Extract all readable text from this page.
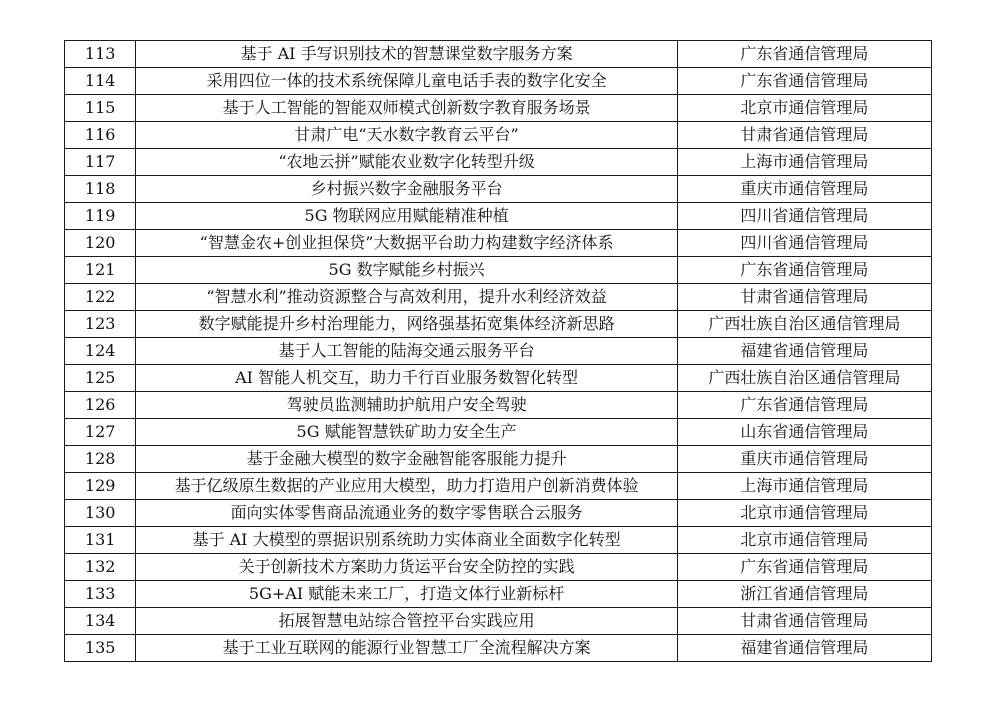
113	基于 AI 手写识别技术的智慧课堂数字服务方案	广东省通信管理局
114	采用四位一体的技术系统保障儿童电话手表的数字化安全	广东省通信管理局
115	基于人工智能的智能双师模式创新数字教育服务场景	北京市通信管理局
116	甘肃广电“天水数字教育云平台”	甘肃省通信管理局
117	“农地云拼”赋能农业数字化转型升级	上海市通信管理局
118	乡村振兴数字金融服务平台	重庆市通信管理局
119	5G 物联网应用赋能精准种植	四川省通信管理局
120	“智慧金农+创业担保贷”大数据平台助力构建数字经济体系	四川省通信管理局
121	5G 数字赋能乡村振兴	广东省通信管理局
122	“智慧水利”推动资源整合与高效利用，提升水利经济效益	甘肃省通信管理局
123	数字赋能提升乡村治理能力，网络强基拓宽集体经济新思路	广西壮族自治区通信管理局
124	基于人工智能的陆海交通云服务平台	福建省通信管理局
125	AI 智能人机交互，助力千行百业服务数智化转型	广西壮族自治区通信管理局
126	驾驶员监测辅助护航用户安全驾驶	广东省通信管理局
127	5G 赋能智慧铁矿助力安全生产	山东省通信管理局
128	基于金融大模型的数字金融智能客服能力提升	重庆市通信管理局
129	基于亿级原生数据的产业应用大模型，助力打造用户创新消费体验	上海市通信管理局
130	面向实体零售商品流通业务的数字零售联合云服务	北京市通信管理局
131	基于 AI 大模型的票据识别系统助力实体商业全面数字化转型	北京市通信管理局
132	关于创新技术方案助力货运平台安全防控的实践	广东省通信管理局
133	5G+AI 赋能未来工厂，打造文体行业新标杆	浙江省通信管理局
134	拓展智慧电站综合管控平台实践应用	甘肃省通信管理局
135	基于工业互联网的能源行业智慧工厂全流程解决方案	福建省通信管理局
